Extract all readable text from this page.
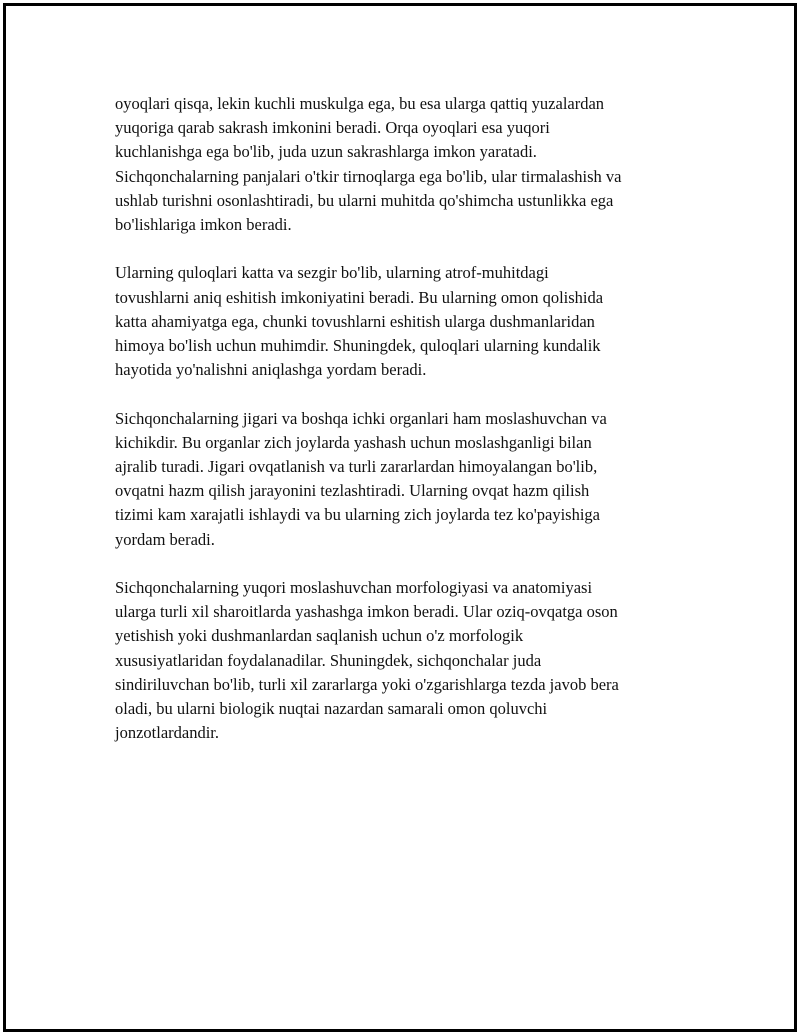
oyoqlari qisqa, lekin kuchli muskulga ega, bu esa ularga qattiq yuzalardan
yuqoriga qarab sakrash imkonini beradi. Orqa oyoqlari esa yuqori
kuchlanishga ega bo'lib, juda uzun sakrashlarga imkon yaratadi.
Sichqonchalarning panjalari o'tkir tirnoqlarga ega bo'lib, ular tirmalashish va
ushlab turishni osonlashtiradi, bu ularni muhitda qo'shimcha ustunlikka ega
bo'lishlariga imkon beradi.

Ularning quloqlari katta va sezgir bo'lib, ularning atrof-muhitdagi
tovushlarni aniq eshitish imkoniyatini beradi. Bu ularning omon qolishida
katta ahamiyatga ega, chunki tovushlarni eshitish ularga dushmanlaridan
himoya bo'lish uchun muhimdir. Shuningdek, quloqlari ularning kundalik
hayotida yo'nalishni aniqlashga yordam beradi.

Sichqonchalarning jigari va boshqa ichki organlari ham moslashuvchan va
kichikdir. Bu organlar zich joylarda yashash uchun moslashganligi bilan
ajralib turadi. Jigari ovqatlanish va turli zararlardan himoyalangan bo'lib,
ovqatni hazm qilish jarayonini tezlashtiradi. Ularning ovqat hazm qilish
tizimi kam xarajatli ishlaydi va bu ularning zich joylarda tez ko'payishiga
yordam beradi.

Sichqonchalarning yuqori moslashuvchan morfologiyasi va anatomiyasi
ularga turli xil sharoitlarda yashashga imkon beradi. Ular oziq-ovqatga oson
yetishish yoki dushmanlardan saqlanish uchun o'z morfologik
xususiyatlaridan foydalanadilar. Shuningdek, sichqonchalar juda
sindiriluvchan bo'lib, turli xil zararlarga yoki o'zgarishlarga tezda javob bera
oladi, bu ularni biologik nuqtai nazardan samarali omon qoluvchi
jonzotlardandir.
